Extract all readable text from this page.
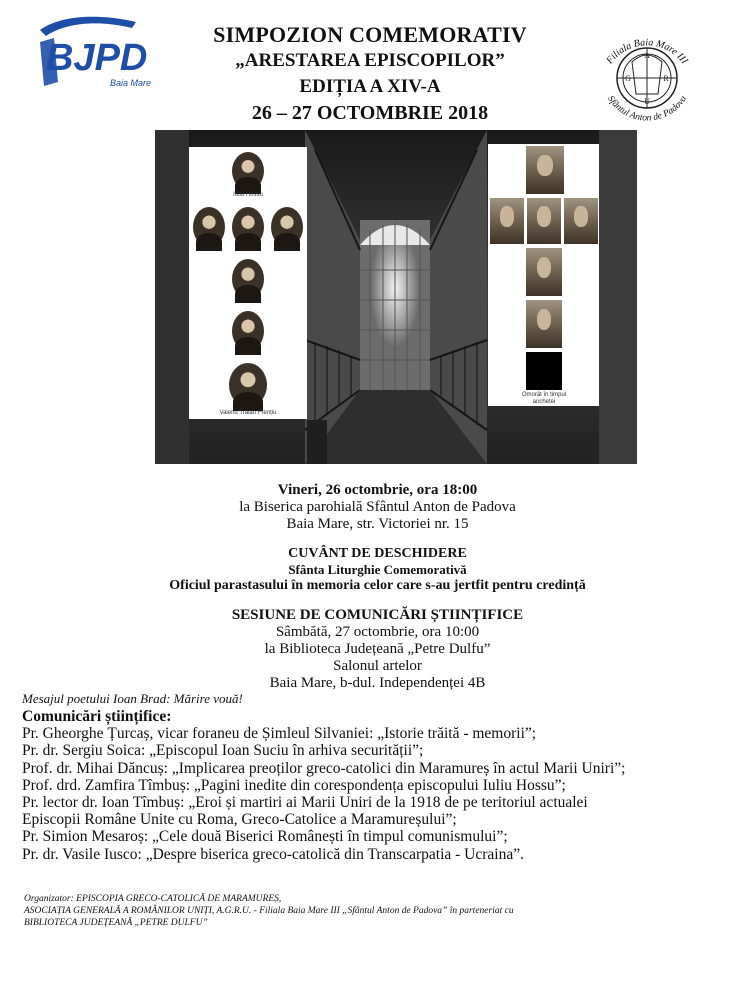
BJPD
Baia Mare
A
G	R
U
Filiala Baia Mare III
Sfântul Anton de Padova
SIMPOZION COMEMORATIV
„ARESTAREA EPISCOPILOR”
EDIȚIA A XIV-A
26 – 27 OCTOMBRIE 2018
Iuliu Hossu
Valeriu Traian Frențiu
Omorât în timpul anchetei
Vineri, 26 octombrie, ora 18:00
la Biserica parohială Sfântul Anton de Padova
Baia Mare, str. Victoriei nr. 15
CUVÂNT DE DESCHIDERE
Sfânta Liturghie Comemorativă
Oficiul parastasului în memoria celor care s-au jertfit pentru credință
SESIUNE DE COMUNICĂRI ȘTIINȚIFICE
Sâmbătă, 27 octombrie, ora 10:00
la Biblioteca Județeană „Petre Dulfu”
Salonul artelor
Baia Mare, b-dul. Independenței 4B
Mesajul poetului Ioan Brad: Mărire vouă!
Comunicări științifice:
Pr. Gheorghe Țurcaș, vicar foraneu de Șimleul Silvaniei: „Istorie trăită - memorii”;
Pr. dr. Sergiu Soica: „Episcopul Ioan Suciu în arhiva securității”;
Prof. dr. Mihai Dăncuș: „Implicarea preoților greco-catolici din Maramureș în actul Marii Uniri”;
Prof. drd. Zamfira Tîmbuș: „Pagini inedite din corespondența episcopului Iuliu Hossu”;
Pr. lector dr. Ioan Tîmbuș: „Eroi și martiri ai Marii Uniri de la 1918 de pe teritoriul actualei
Episcopii Române Unite cu Roma, Greco-Catolice a Maramureșului”;
Pr. Simion Mesaroș: „Cele două Biserici Românești în timpul comunismului”;
Pr. dr. Vasile Iusco: „Despre biserica greco-catolică din Transcarpatia - Ucraina”.
Organizator: EPISCOPIA GRECO-CATOLICĂ DE MARAMUREȘ,
ASOCIAȚIA GENERALĂ A ROMÂNILOR UNIȚI, A.G.R.U. - Filiala Baia Mare III „Sfântul Anton de Padova” în parteneriat cu
BIBLIOTECA JUDEȚEANĂ „PETRE DULFU”
